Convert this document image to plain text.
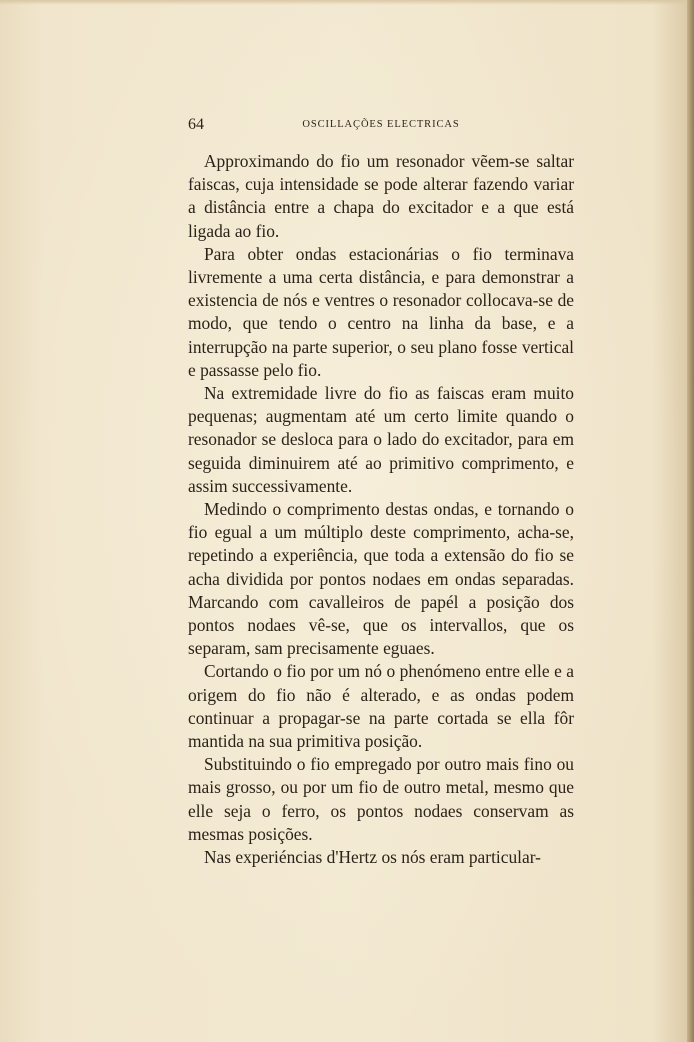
64	OSCILLAÇÕES ELECTRICAS

Approximando do fio um resonador vẽem-se saltar faiscas, cuja intensidade se pode alterar fazendo variar a distância entre a chapa do excitador e a que está ligada ao fio.

Para obter ondas estacionárias o fio terminava livremente a uma certa distância, e para demonstrar a existencia de nós e ventres o resonador collocava-se de modo, que tendo o centro na linha da base, e a interrupção na parte superior, o seu plano fosse vertical e passasse pelo fio.

Na extremidade livre do fio as faiscas eram muito pequenas; augmentam até um certo limite quando o resonador se desloca para o lado do excitador, para em seguida diminuirem até ao primitivo comprimento, e assim successivamente.

Medindo o comprimento destas ondas, e tornando o fio egual a um múltiplo deste comprimento, acha-se, repetindo a experiência, que toda a extensão do fio se acha dividida por pontos nodaes em ondas separadas. Marcando com cavalleiros de papél a posição dos pontos nodaes vê-se, que os intervallos, que os separam, sam precisamente eguaes.

Cortando o fio por um nó o phenómeno entre elle e a origem do fio não é alterado, e as ondas podem continuar a propagar-se na parte cortada se ella fôr mantida na sua primitiva posição.

Substituindo o fio empregado por outro mais fino ou mais grosso, ou por um fio de outro metal, mesmo que elle seja o ferro, os pontos nodaes conservam as mesmas posições.

Nas experiéncias d'Hertz os nós eram particular-
